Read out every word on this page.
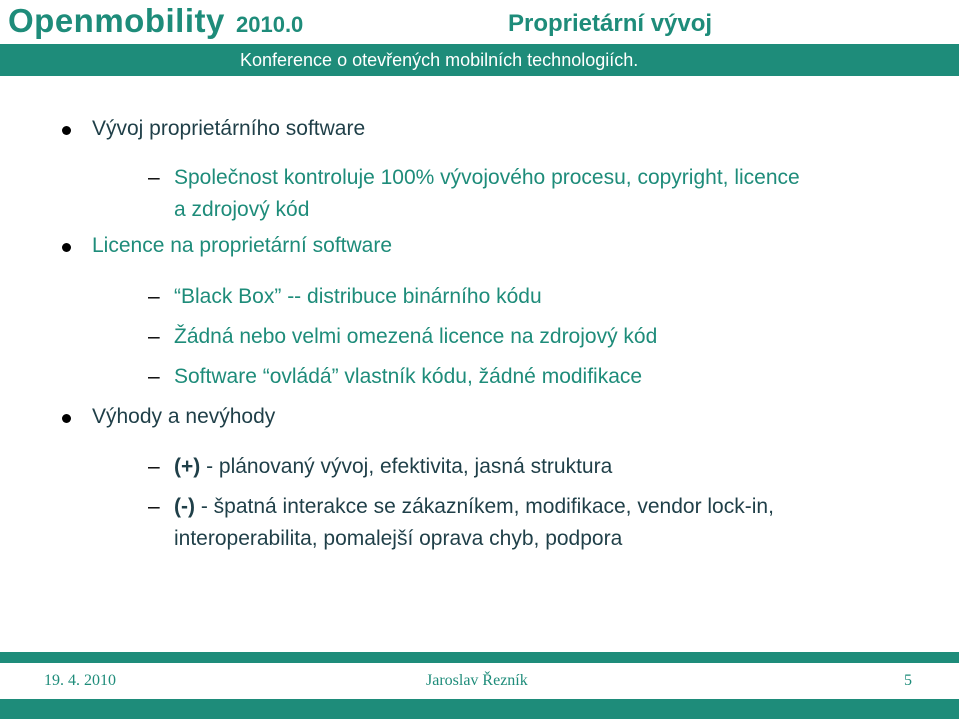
Openmobility 2010.0	Proprietární vývoj
Konference o otevřených mobilních technologiích.
Vývoj proprietárního software
– Společnost kontroluje 100% vývojového procesu, copyright, licence
a zdrojový kód
Licence na proprietární software
– “Black Box” -- distribuce binárního kódu
– Žádná nebo velmi omezená licence na zdrojový kód
– Software “ovládá” vlastník kódu, žádné modifikace
Výhody a nevýhody
– (+) - plánovaný vývoj, efektivita, jasná struktura
– (-) - špatná interakce se zákazníkem, modifikace, vendor lock-in,
interoperabilita, pomalejší oprava chyb, podpora
19. 4. 2010	Jaroslav Řezník	5
